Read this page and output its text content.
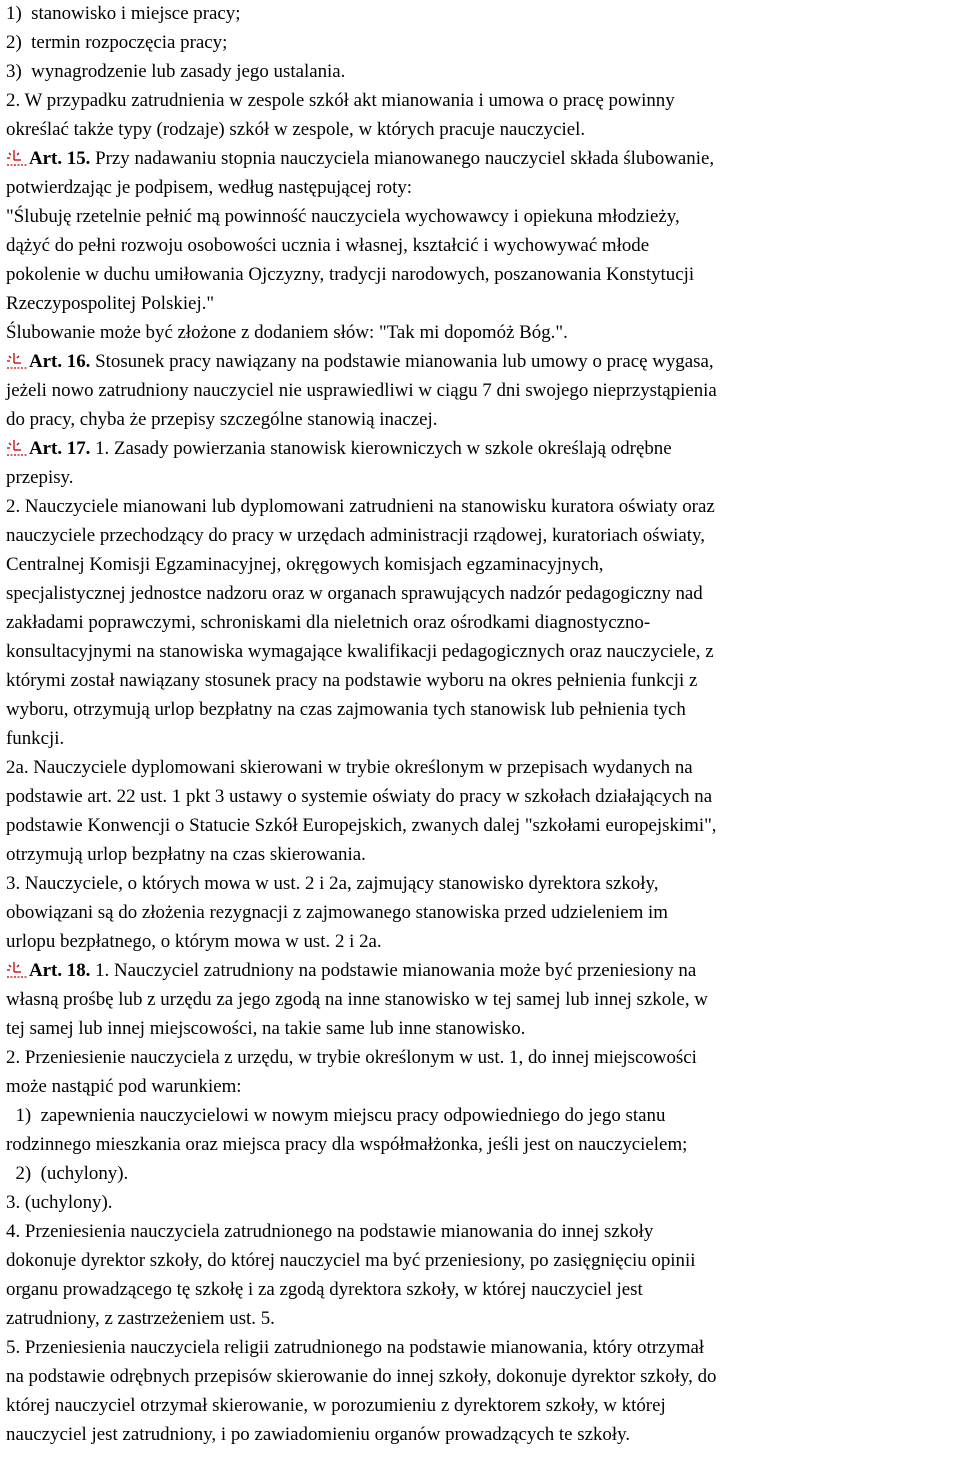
1)  stanowisko i miejsce pracy;
2)  termin rozpoczęcia pracy;
3)  wynagrodzenie lub zasady jego ustalania.
2. W przypadku zatrudnienia w zespole szkół akt mianowania i umowa o pracę powinny
określać także typy (rodzaje) szkół w zespole, w których pracuje nauczyciel.
Art. 15. Przy nadawaniu stopnia nauczyciela mianowanego nauczyciel składa ślubowanie,
potwierdzając je podpisem, według następującej roty:
"Ślubuję rzetelnie pełnić mą powinność nauczyciela wychowawcy i opiekuna młodzieży,
dążyć do pełni rozwoju osobowości ucznia i własnej, kształcić i wychowywać młode
pokolenie w duchu umiłowania Ojczyzny, tradycji narodowych, poszanowania Konstytucji
Rzeczypospolitej Polskiej."
Ślubowanie może być złożone z dodaniem słów: "Tak mi dopomóż Bóg.".
Art. 16. Stosunek pracy nawiązany na podstawie mianowania lub umowy o pracę wygasa,
jeżeli nowo zatrudniony nauczyciel nie usprawiedliwi w ciągu 7 dni swojego nieprzystąpienia
do pracy, chyba że przepisy szczególne stanowią inaczej.
Art. 17. 1. Zasady powierzania stanowisk kierowniczych w szkole określają odrębne
przepisy.
2. Nauczyciele mianowani lub dyplomowani zatrudnieni na stanowisku kuratora oświaty oraz
nauczyciele przechodzący do pracy w urzędach administracji rządowej, kuratoriach oświaty,
Centralnej Komisji Egzaminacyjnej, okręgowych komisjach egzaminacyjnych,
specjalistycznej jednostce nadzoru oraz w organach sprawujących nadzór pedagogiczny nad
zakładami poprawczymi, schroniskami dla nieletnich oraz ośrodkami diagnostyczno-
konsultacyjnymi na stanowiska wymagające kwalifikacji pedagogicznych oraz nauczyciele, z
którymi został nawiązany stosunek pracy na podstawie wyboru na okres pełnienia funkcji z
wyboru, otrzymują urlop bezpłatny na czas zajmowania tych stanowisk lub pełnienia tych
funkcji.
2a. Nauczyciele dyplomowani skierowani w trybie określonym w przepisach wydanych na
podstawie art. 22 ust. 1 pkt 3 ustawy o systemie oświaty do pracy w szkołach działających na
podstawie Konwencji o Statucie Szkół Europejskich, zwanych dalej "szkołami europejskimi",
otrzymują urlop bezpłatny na czas skierowania.
3. Nauczyciele, o których mowa w ust. 2 i 2a, zajmujący stanowisko dyrektora szkoły,
obowiązani są do złożenia rezygnacji z zajmowanego stanowiska przed udzieleniem im
urlopu bezpłatnego, o którym mowa w ust. 2 i 2a.
Art. 18. 1. Nauczyciel zatrudniony na podstawie mianowania może być przeniesiony na
własną prośbę lub z urzędu za jego zgodą na inne stanowisko w tej samej lub innej szkole, w
tej samej lub innej miejscowości, na takie same lub inne stanowisko.
2. Przeniesienie nauczyciela z urzędu, w trybie określonym w ust. 1, do innej miejscowości
może nastąpić pod warunkiem:
1)  zapewnienia nauczycielowi w nowym miejscu pracy odpowiedniego do jego stanu
rodzinnego mieszkania oraz miejsca pracy dla współmałżonka, jeśli jest on nauczycielem;
2)  (uchylony).
3. (uchylony).
4. Przeniesienia nauczyciela zatrudnionego na podstawie mianowania do innej szkoły
dokonuje dyrektor szkoły, do której nauczyciel ma być przeniesiony, po zasięgnięciu opinii
organu prowadzącego tę szkołę i za zgodą dyrektora szkoły, w której nauczyciel jest
zatrudniony, z zastrzeżeniem ust. 5.
5. Przeniesienia nauczyciela religii zatrudnionego na podstawie mianowania, który otrzymał
na podstawie odrębnych przepisów skierowanie do innej szkoły, dokonuje dyrektor szkoły, do
której nauczyciel otrzymał skierowanie, w porozumieniu z dyrektorem szkoły, w której
nauczyciel jest zatrudniony, i po zawiadomieniu organów prowadzących te szkoły.
